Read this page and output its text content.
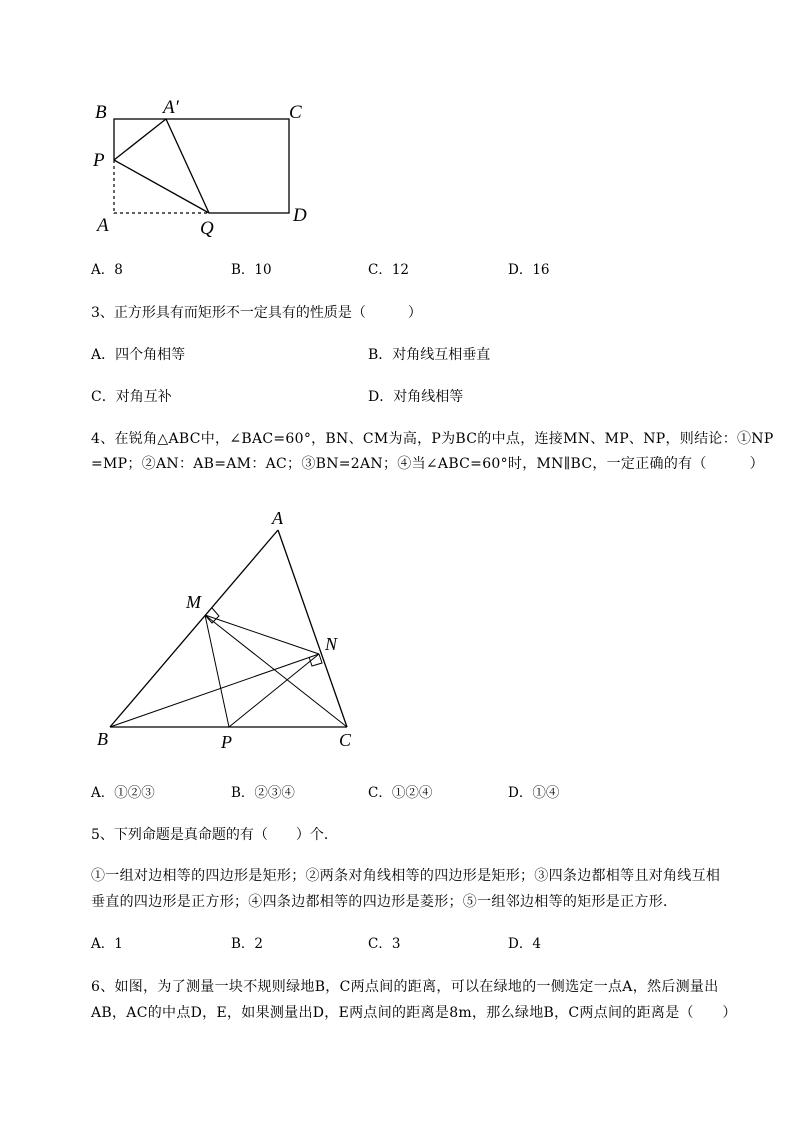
B	A′	C
P
A	Q
D
A．8	B．10	C．12	D．16
3、正方形具有而矩形不一定具有的性质是（　　　）
A．四个角相等	B．对角线互相垂直
C．对角互补	D．对角线相等
4、在锐角△ABC中，∠BAC=60°，BN、CM为高，P为BC的中点，连接MN、MP、NP，则结论：①NP
=MP；②AN：AB=AM：AC；③BN=2AN；④当∠ABC=60°时，MN∥BC，一定正确的有（　　　）
A
M
N
B	P	C
A．①②③	B．②③④	C．①②④	D．①④
5、下列命题是真命题的有（　　）个．
①一组对边相等的四边形是矩形；②两条对角线相等的四边形是矩形；③四条边都相等且对角线互相
垂直的四边形是正方形；④四条边都相等的四边形是菱形；⑤一组邻边相等的矩形是正方形．
A．1	B．2	C．3	D．4
6、如图，为了测量一块不规则绿地B，C两点间的距离，可以在绿地的一侧选定一点A，然后测量出
AB，AC的中点D，E，如果测量出D，E两点间的距离是8m，那么绿地B，C两点间的距离是（　　）
